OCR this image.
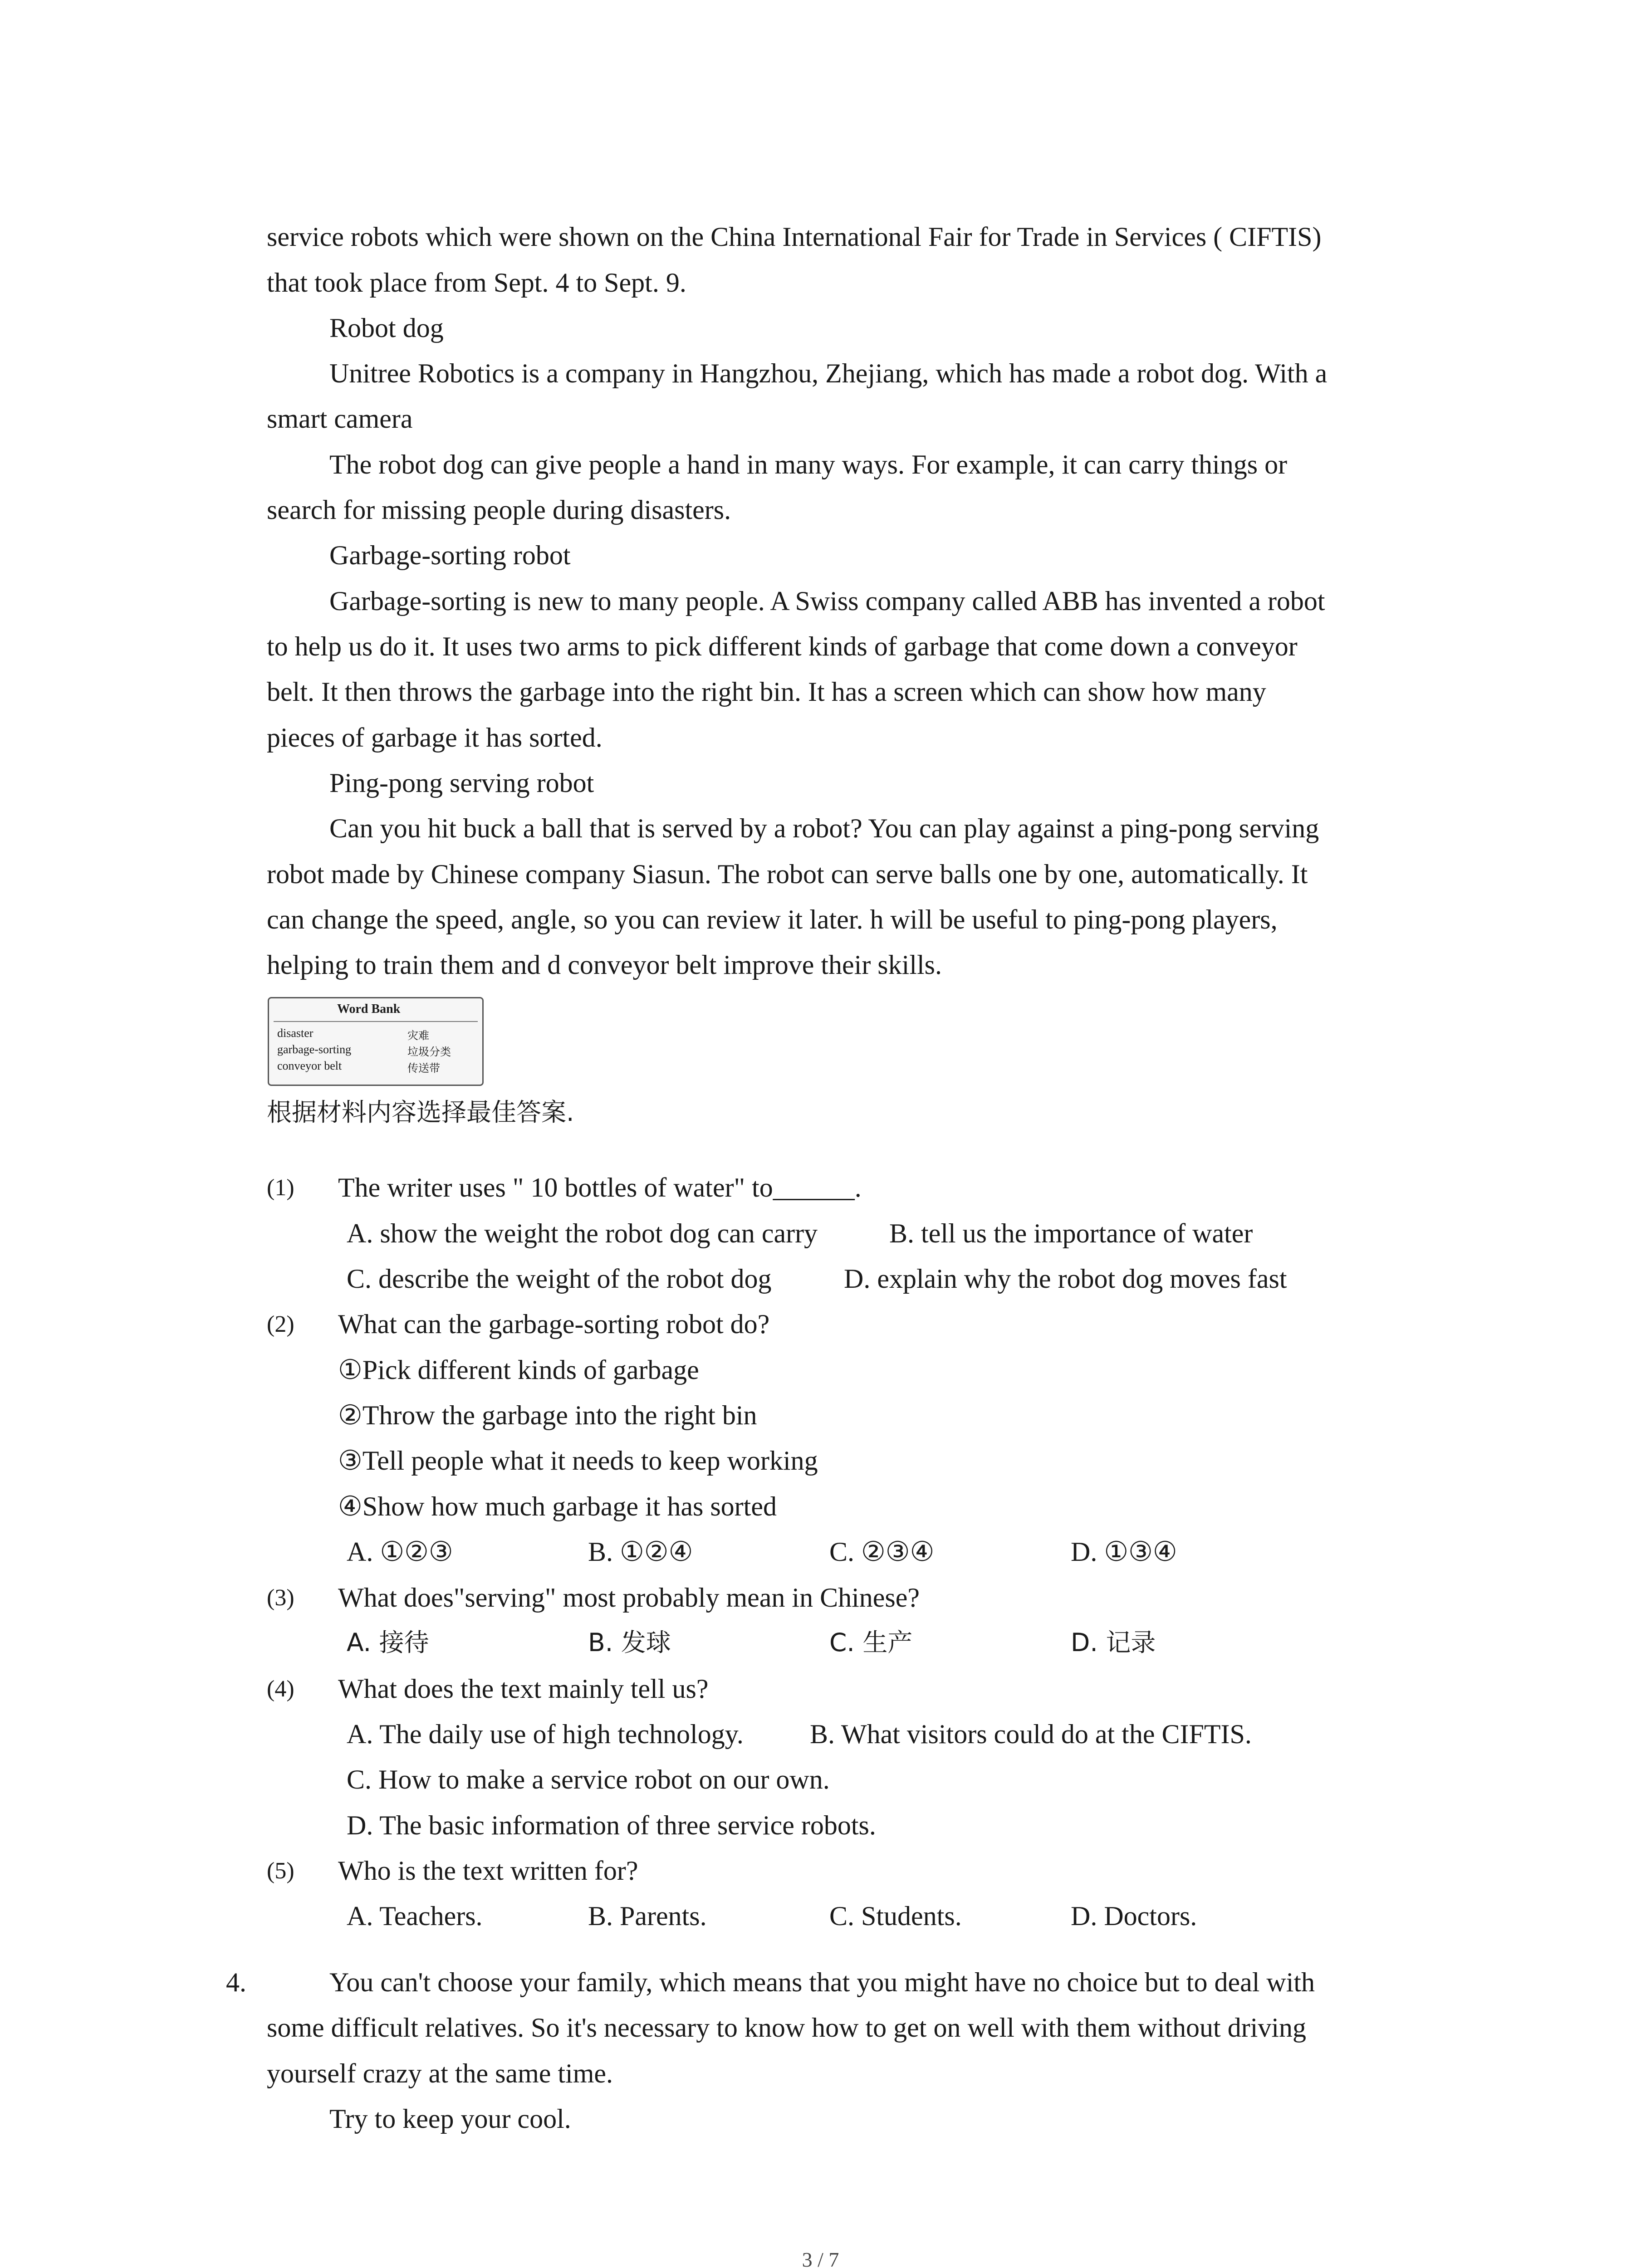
service robots which were shown on the China International Fair for Trade in Services ( CIFTIS)
that took place from Sept. 4 to Sept. 9.
Robot dog
Unitree Robotics is a company in Hangzhou, Zhejiang, which has made a robot dog. With a
smart camera
The robot dog can give people a hand in many ways. For example, it can carry things or
search for missing people during disasters.
Garbage-sorting robot
Garbage-sorting is new to many people. A Swiss company called ABB has invented a robot
to help us do it. It uses two arms to pick different kinds of garbage that come down a conveyor
belt. It then throws the garbage into the right bin. It has a screen which can show how many
pieces of garbage it has sorted.
Ping-pong serving robot
Can you hit buck a ball that is served by a robot? You can play against a ping-pong serving
robot made by Chinese company Siasun. The robot can serve balls one by one, automatically. It
can change the speed, angle, so you can review it later. h will be useful to ping-pong players,
helping to train them and d conveyor belt improve their skills.
Word Bank
disaster	灾难
garbage-sorting	垃圾分类
conveyor belt	传送带
根据材料内容选择最佳答案.
(1) The writer uses " 10 bottles of water" to______.
A. show the weight the robot dog can carry	B. tell us the importance of water
C. describe the weight of the robot dog	D. explain why the robot dog moves fast
(2) What can the garbage-sorting robot do?
①Pick different kinds of garbage
②Throw the garbage into the right bin
③Tell people what it needs to keep working
④Show how much garbage it has sorted
A. ①②③	B. ①②④	C. ②③④	D. ①③④
(3) What does"serving" most probably mean in Chinese?
A. 接待	B. 发球	C. 生产	D. 记录
(4) What does the text mainly tell us?
A. The daily use of high technology. B. What visitors could do at the CIFTIS.
C. How to make a service robot on our own.
D. The basic information of three service robots.
(5) Who is the text written for?
A. Teachers.	B. Parents.	C. Students.	D. Doctors.
4.	You can't choose your family, which means that you might have no choice but to deal with
some difficult relatives. So it's necessary to know how to get on well with them without driving
yourself crazy at the same time.
Try to keep your cool.
3 / 7
